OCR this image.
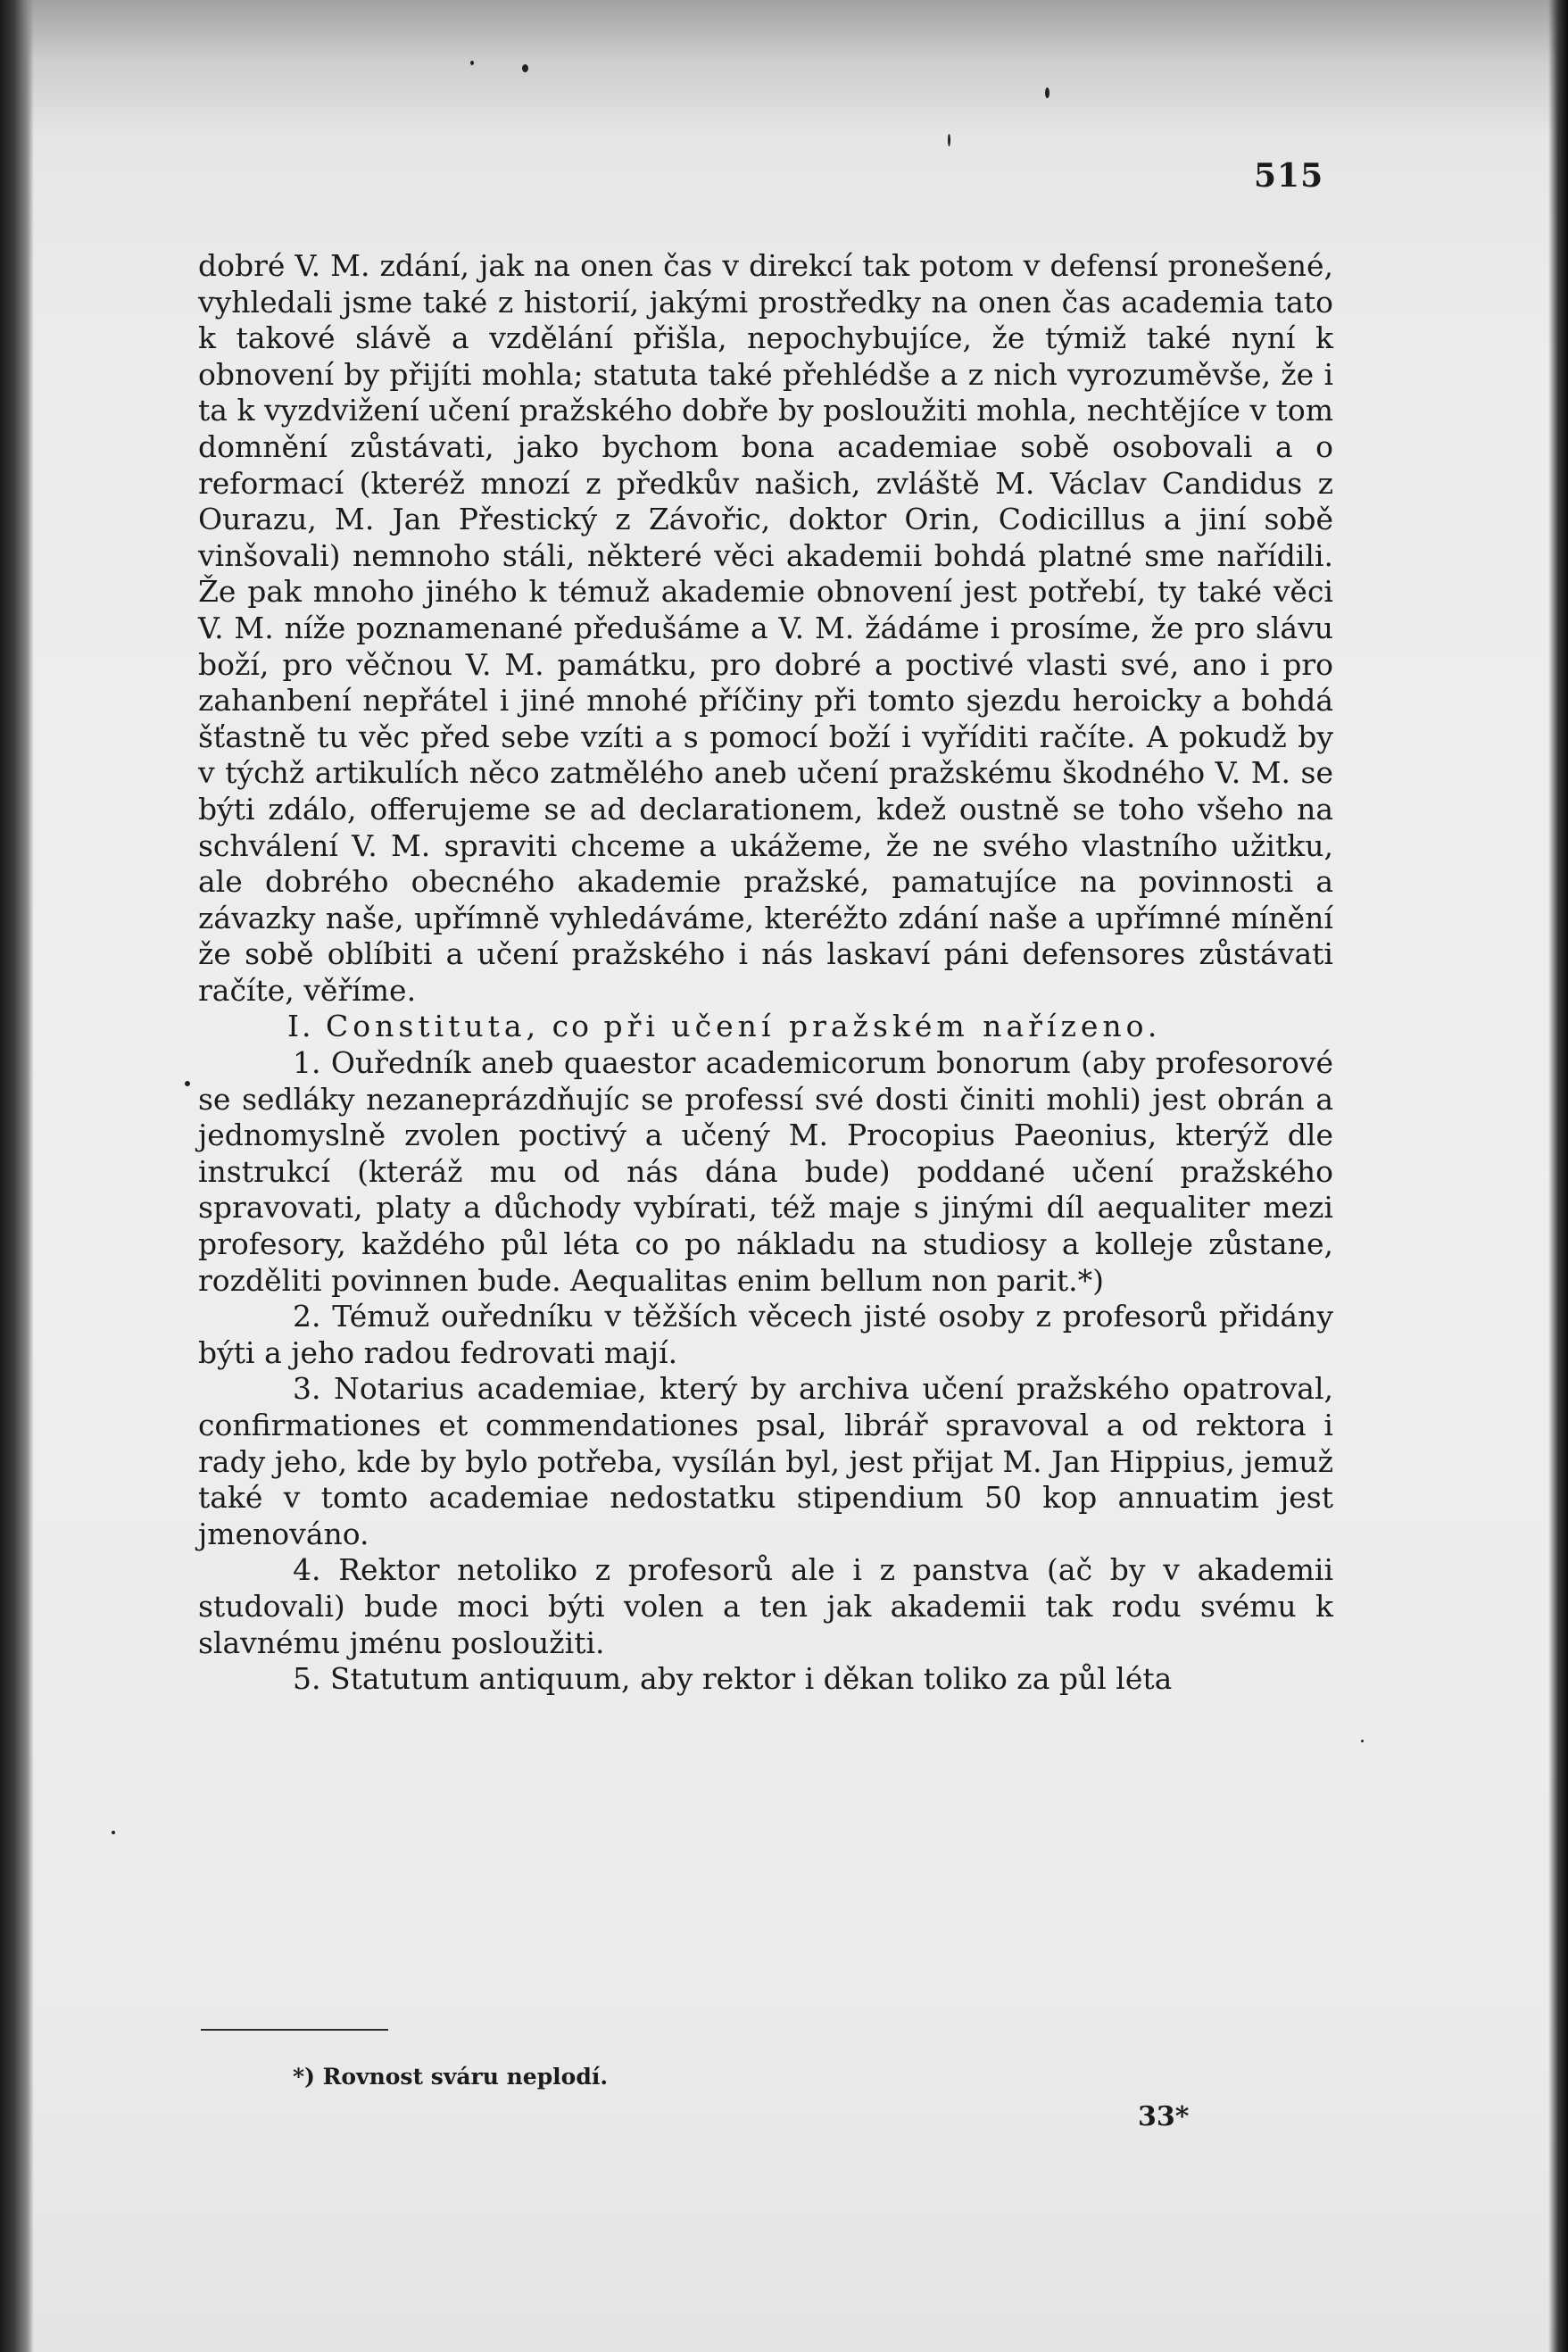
515

dobré V. M. zdání, jak na onen čas v direkcí tak potom v defensí pronešené, vyhledali jsme také z historií, jakými prostředky na onen čas academia tato k takové slávě a vzdělání přišla, nepochybujíce, že týmiž také nyní k obnovení by přijíti mohla; statuta také přehlédše a z nich vyrozuměvše, že i ta k vyzdvižení učení pražského dobře by posloužiti mohla, nechtějíce v tom domnění zůstávati, jako bychom bona academiae sobě osobovali a o reformací (kteréž mnozí z předkův našich, zvláště M. Václav Candidus z Ourazu, M. Jan Přestický z Závořic, doktor Orin, Codicillus a jiní sobě vinšovali) nemnoho stáli, některé věci akademii bohdá platné sme nařídili. Že pak mnoho jiného k témuž akademie obnovení jest potřebí, ty také věci V. M. níže poznamenané předušáme a V. M. žádáme i prosíme, že pro slávu boží, pro věčnou V. M. památku, pro dobré a poctivé vlasti své, ano i pro zahanbení nepřátel i jiné mnohé příčiny při tomto sjezdu heroicky a bohdá šťastně tu věc před sebe vzíti a s pomocí boží i vyříditi račíte. A pokudž by v týchž artikulích něco zatmělého aneb učení pražskému škodného V. M. se býti zdálo, offerujeme se ad declarationem, kdež oustně se toho všeho na schválení V. M. spraviti chceme a ukážeme, že ne svého vlastního užitku, ale dobrého obecného akademie pražské, pamatujíce na povinnosti a závazky naše, upřímně vyhledáváme, kteréžto zdání naše a upřímné mínění že sobě oblíbiti a učení pražského i nás laskaví páni defensores zůstávati račíte, věříme.

I. Constituta, co při učení pražském nařízeno.

1. Ouředník aneb quaestor academicorum bonorum (aby profesorové se sedláky nezaneprázdňujíc se professí své dosti činiti mohli) jest obrán a jednomyslně zvolen poctivý a učený M. Procopius Paeonius, kterýž dle instrukcí (kteráž mu od nás dána bude) poddané učení pražského spravovati, platy a důchody vybírati, též maje s jinými díl aequaliter mezi profesory, každého půl léta co po nákladu na studiosy a kolleje zůstane, rozděliti povinnen bude. Aequalitas enim bellum non parit.*)

2. Témuž ouředníku v těžších věcech jisté osoby z profesorů přidány býti a jeho radou fedrovati mají.

3. Notarius academiae, který by archiva učení pražského opatroval, confirmationes et commendationes psal, librář spravoval a od rektora i rady jeho, kde by bylo potřeba, vysílán byl, jest přijat M. Jan Hippius, jemuž také v tomto academiae nedostatku stipendium 50 kop annuatim jest jmenováno.

4. Rektor netoliko z profesorů ale i z panstva (ač by v akademii studovali) bude moci býti volen a ten jak akademii tak rodu svému k slavnému jménu posloužiti.

5. Statutum antiquum, aby rektor i děkan toliko za půl léta

*) Rovnost sváru neplodí.
33*
